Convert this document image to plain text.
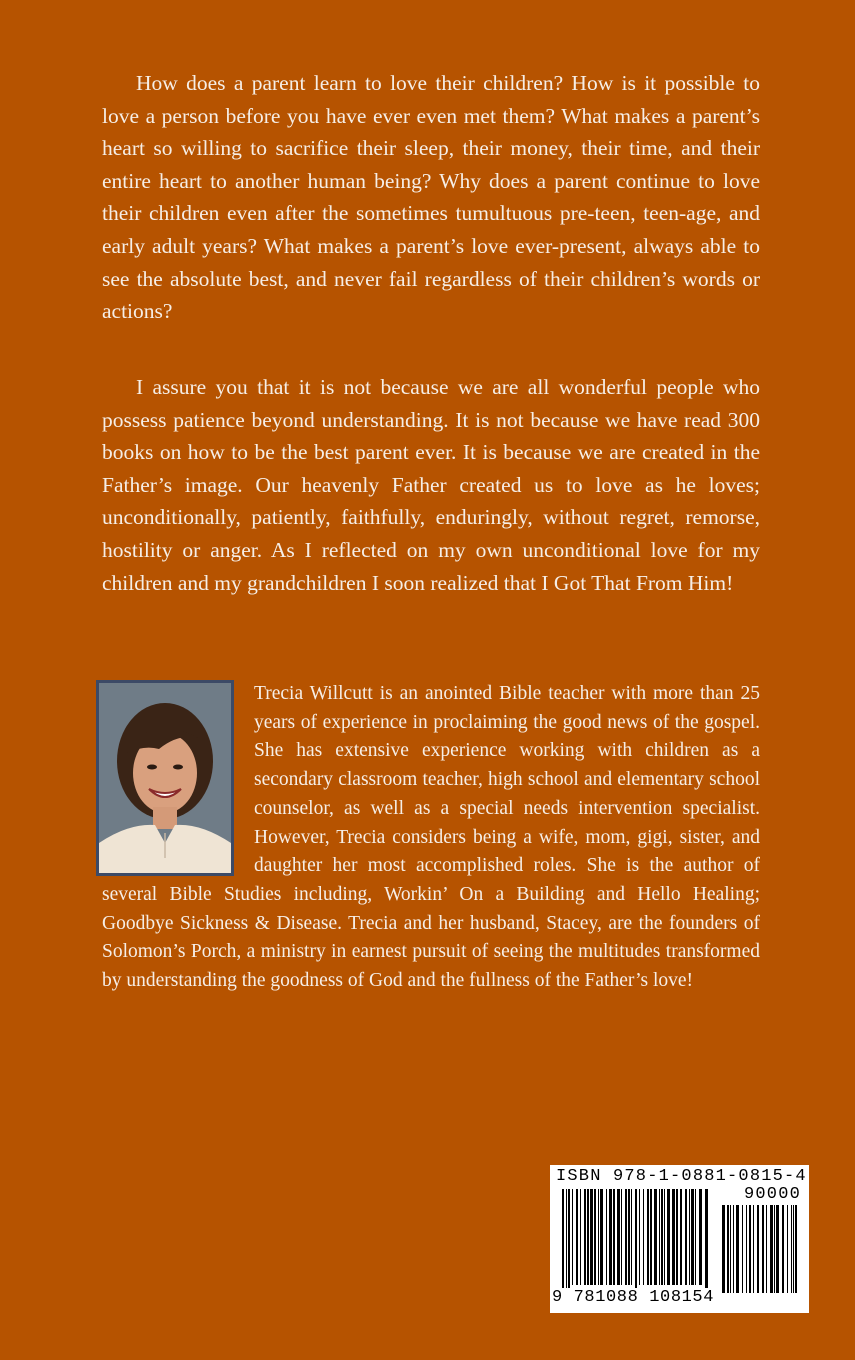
How does a parent learn to love their children? How is it possible to love a person before you have ever even met them? What makes a parent’s heart so willing to sacrifice their sleep, their money, their time, and their entire heart to another human being? Why does a parent continue to love their children even after the sometimes tumultuous pre-teen, teen-age, and early adult years? What makes a parent’s love ever-present, always able to see the absolute best, and never fail regardless of their children’s words or actions?

I assure you that it is not because we are all wonderful people who possess patience beyond understanding. It is not because we have read 300 books on how to be the best parent ever. It is because we are created in the Father’s image. Our heavenly Father created us to love as he loves; unconditionally, patiently, faithfully, enduringly, without regret, remorse, hostility or anger. As I reflected on my own unconditional love for my children and my grandchildren I soon realized that I Got That From Him!

Trecia Willcutt is an anointed Bible teacher with more than 25 years of experience in proclaiming the good news of the gospel. She has extensive experience working with children as a secondary classroom teacher, high school and elementary school counselor, as well as a special needs intervention specialist. However, Trecia considers being a wife, mom, gigi, sister, and daughter her most accomplished roles. She is the author of several Bible Studies including, Workin’ On a Building and Hello Healing; Goodbye Sickness & Disease. Trecia and her husband, Stacey, are the founders of Solomon’s Porch, a ministry in earnest pursuit of seeing the multitudes transformed by understanding the goodness of God and the fullness of the Father’s love!
ISBN 978-1-0881-0815-4
90000
9 781088 108154
